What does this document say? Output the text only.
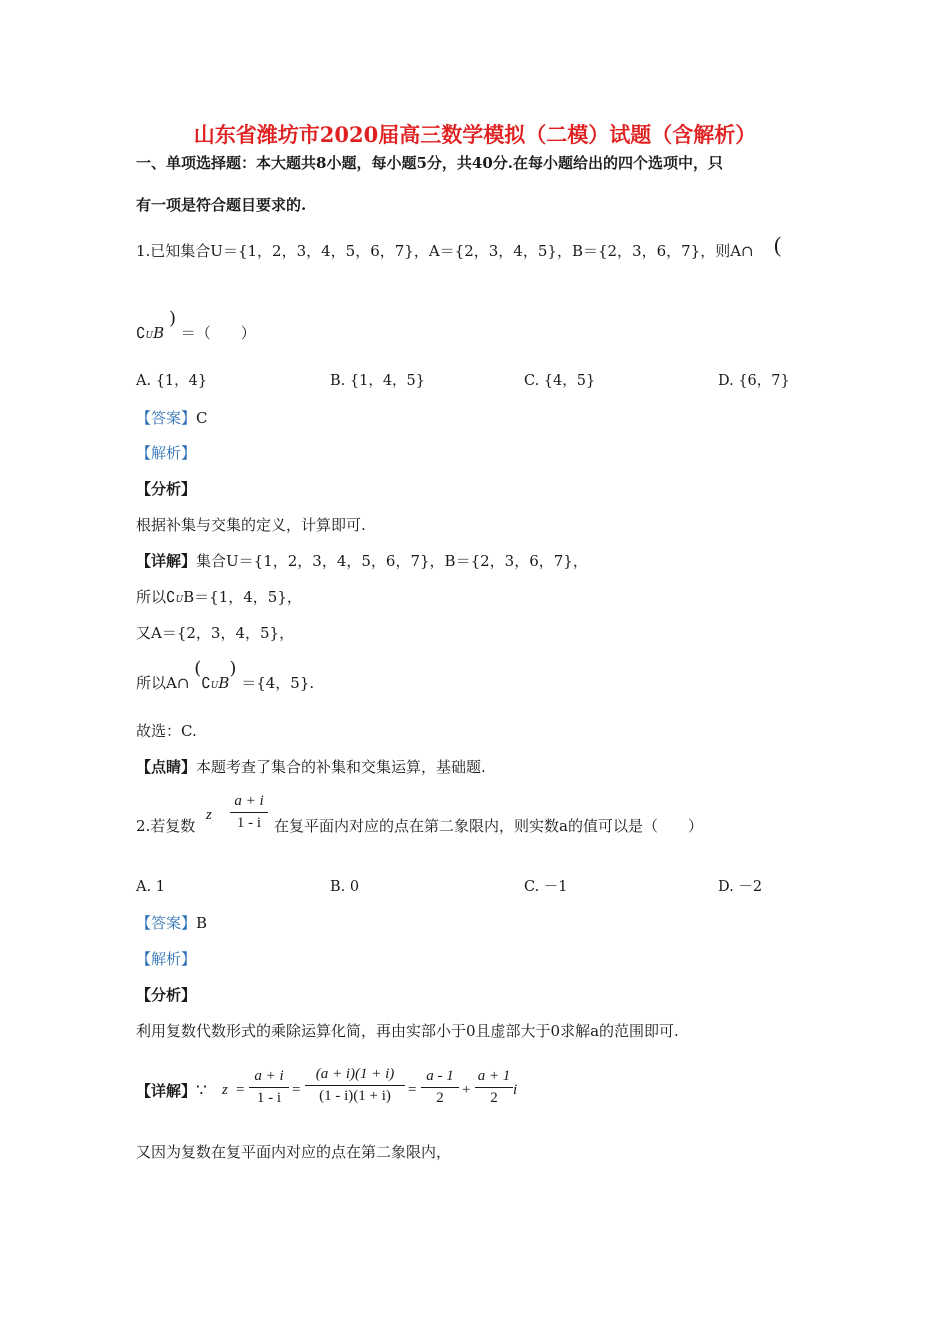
山东省潍坊市2020届高三数学模拟（二模）试题（含解析）
一、单项选择题：本大题共8小题，每小题5分，共40分.在每小题给出的四个选项中，只
有一项是符合题目要求的.
1.已知集合U＝{1，2，3，4，5，6，7}，A＝{2，3，4，5}，B＝{2，3，6，7}，则A∩ (
∁UB ) ＝（　　）
A. {1，4}	B. {1，4，5}	C. {4，5}	D. {6，7}
【答案】C
【解析】
【分析】
根据补集与交集的定义，计算即可.
【详解】集合U＝{1，2，3，4，5，6，7}，B＝{2，3，6，7}，
所以∁UB＝{1，4，5}，
又A＝{2，3，4，5}，
所以A∩ (∁UB) ＝{4，5}.
故选：C.
【点睛】本题考查了集合的补集和交集运算，基础题.
2.若复数
z
a + i
1 - i 在复平面内对应的点在第二象限内，则实数a的值可以是（　　）
A. 1	B. 0	C. －1	D. －2
【答案】B
【解析】
【分析】
利用复数代数形式的乘除运算化简，再由实部小于0且虚部大于0求解a的范围即可.
【详解】∵ z =
a + i
1 - i =
(a + i)(1 + i)
(1 - i)(1 + i)	=
a - 1
2	+
a + 1
2	i
又因为复数在复平面内对应的点在第二象限内，
